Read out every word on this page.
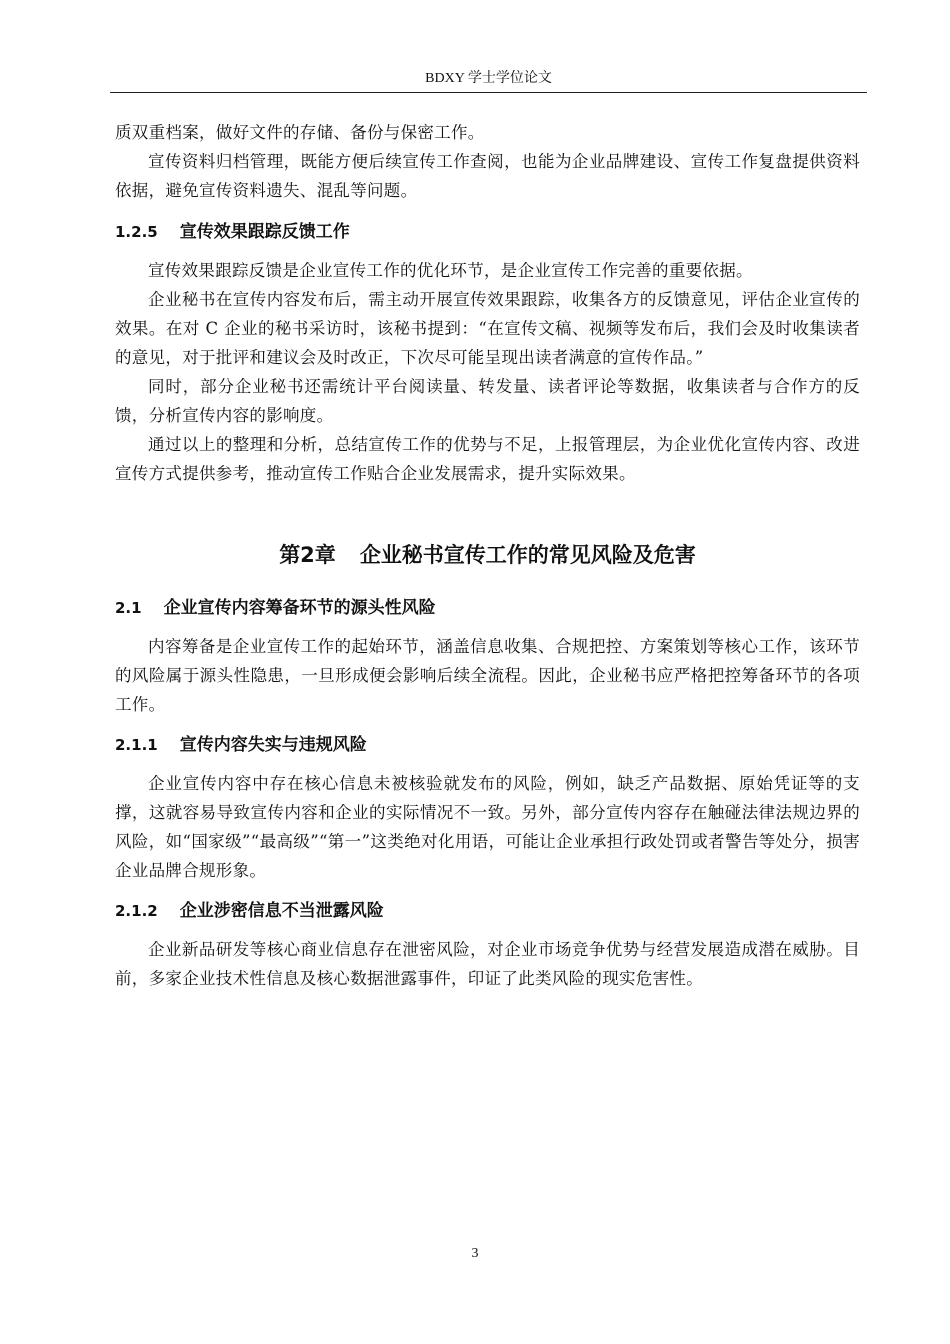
BDXY 学士学位论文

质双重档案，做好文件的存储、备份与保密工作。

宣传资料归档管理，既能方便后续宣传工作查阅，也能为企业品牌建设、宣传工作复盘提供资料依据，避免宣传资料遗失、混乱等问题。

1.2.5 宣传效果跟踪反馈工作

宣传效果跟踪反馈是企业宣传工作的优化环节，是企业宣传工作完善的重要依据。

企业秘书在宣传内容发布后，需主动开展宣传效果跟踪，收集各方的反馈意见，评估企业宣传的效果。在对 C 企业的秘书采访时，该秘书提到：“在宣传文稿、视频等发布后，我们会及时收集读者的意见，对于批评和建议会及时改正，下次尽可能呈现出读者满意的宣传作品。”

同时，部分企业秘书还需统计平台阅读量、转发量、读者评论等数据，收集读者与合作方的反馈，分析宣传内容的影响度。

通过以上的整理和分析，总结宣传工作的优势与不足，上报管理层，为企业优化宣传内容、改进宣传方式提供参考，推动宣传工作贴合企业发展需求，提升实际效果。

第2章 企业秘书宣传工作的常见风险及危害
2.1 企业宣传内容筹备环节的源头性风险

内容筹备是企业宣传工作的起始环节，涵盖信息收集、合规把控、方案策划等核心工作，该环节的风险属于源头性隐患，一旦形成便会影响后续全流程。因此，企业秘书应严格把控筹备环节的各项工作。

2.1.1 宣传内容失实与违规风险

企业宣传内容中存在核心信息未被核验就发布的风险，例如，缺乏产品数据、原始凭证等的支撑，这就容易导致宣传内容和企业的实际情况不一致。另外，部分宣传内容存在触碰法律法规边界的风险，如“国家级”“最高级”“第一”这类绝对化用语，可能让企业承担行政处罚或者警告等处分，损害企业品牌合规形象。

2.1.2 企业涉密信息不当泄露风险

企业新品研发等核心商业信息存在泄密风险，对企业市场竞争优势与经营发展造成潜在威胁。目前，多家企业技术性信息及核心数据泄露事件，印证了此类风险的现实危害性。

3
